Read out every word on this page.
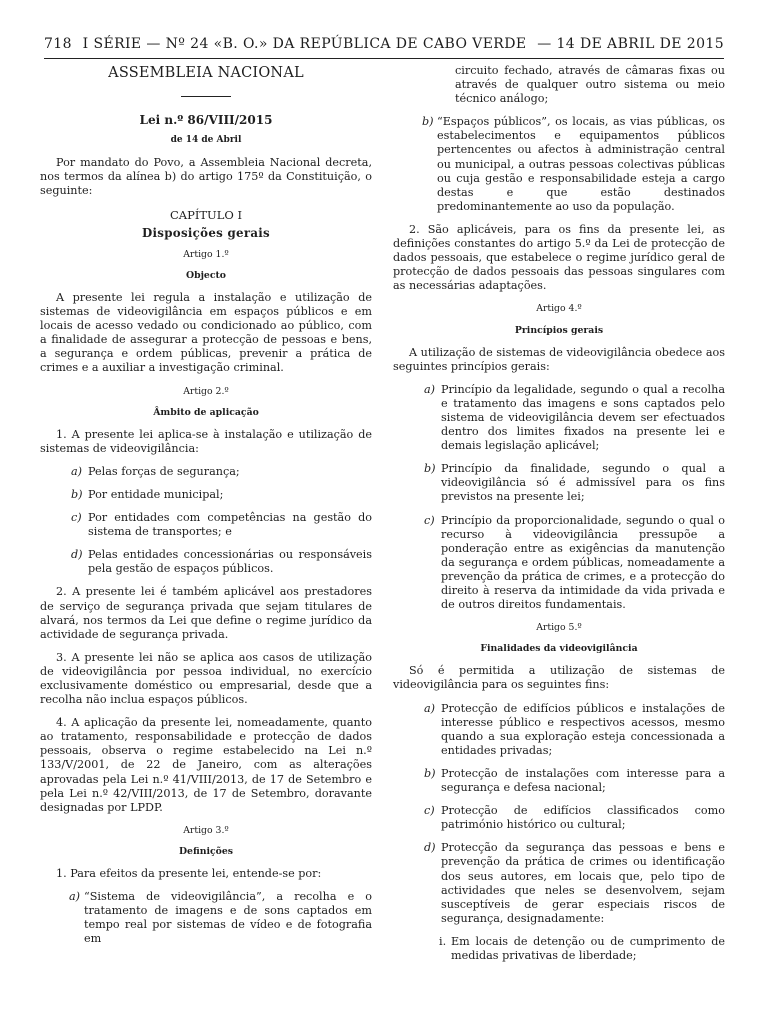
718 I SÉRIE — Nº 24 «B. O.» DA REPÚBLICA DE CABO VERDE — 14 DE ABRIL DE 2015
ASSEMBLEIA NACIONAL
Lei n.º 86/VIII/2015
de 14 de Abril
Por mandato do Povo, a Assembleia Nacional decreta, nos termos da alínea b) do artigo 175º da Constituição, o seguinte:
CAPÍTULO I
Disposições gerais
Artigo 1.º
Objecto
A presente lei regula a instalação e utilização de sistemas de videovigilância em espaços públicos e em locais de acesso vedado ou condicionado ao público, com a finalidade de assegurar a protecção de pessoas e bens, a segurança e ordem públicas, prevenir a prática de crimes e a auxiliar a investigação criminal.
Artigo 2.º
Âmbito de aplicação
1. A presente lei aplica-se à instalação e utilização de sistemas de videovigilância:
a) Pelas forças de segurança;
b) Por entidade municipal;
c) Por entidades com competências na gestão do sistema de transportes; e
d) Pelas entidades concessionárias ou responsáveis pela gestão de espaços públicos.
2. A presente lei é também aplicável aos prestadores de serviço de segurança privada que sejam titulares de alvará, nos termos da Lei que define o regime jurídico da actividade de segurança privada.
3. A presente lei não se aplica aos casos de utilização de videovigilância por pessoa individual, no exercício exclusivamente doméstico ou empresarial, desde que a recolha não inclua espaços públicos.
4. A aplicação da presente lei, nomeadamente, quanto ao tratamento, responsabilidade e protecção de dados pessoais, observa o regime estabelecido na Lei n.º 133/V/2001, de 22 de Janeiro, com as alterações aprovadas pela Lei n.º 41/VIII/2013, de 17 de Setembro e pela Lei n.º 42/VIII/2013, de 17 de Setembro, doravante designadas por LPDP.
Artigo 3.º
Definições
1. Para efeitos da presente lei, entende-se por:
a) “Sistema de videovigilância”, a recolha e o tratamento de imagens e de sons captados em tempo real por sistemas de vídeo e de fotografia em
circuito fechado, através de câmaras fixas ou através de qualquer outro sistema ou meio técnico análogo;
b) “Espaços públicos”, os locais, as vias públicas, os estabelecimentos e equipamentos públicos pertencentes ou afectos à administração central ou municipal, a outras pessoas colectivas públicas ou cuja gestão e responsabilidade esteja a cargo destas e que estão destinados predominantemente ao uso da população.
2. São aplicáveis, para os fins da presente lei, as definições constantes do artigo 5.º da Lei de protecção de dados pessoais, que estabelece o regime jurídico geral de protecção de dados pessoais das pessoas singulares com as necessárias adaptações.
Artigo 4.º
Princípios gerais
A utilização de sistemas de videovigilância obedece aos seguintes princípios gerais:
a) Princípio da legalidade, segundo o qual a recolha e tratamento das imagens e sons captados pelo sistema de videovigilância devem ser efectuados dentro dos limites fixados na presente lei e demais legislação aplicável;
b) Princípio da finalidade, segundo o qual a videovigilância só é admissível para os fins previstos na presente lei;
c) Princípio da proporcionalidade, segundo o qual o recurso à videovigilância pressupõe a ponderação entre as exigências da manutenção da segurança e ordem públicas, nomeadamente a prevenção da prática de crimes, e a protecção do direito à reserva da intimidade da vida privada e de outros direitos fundamentais.
Artigo 5.º
Finalidades da videovigilância
Só é permitida a utilização de sistemas de videovigilância para os seguintes fins:
a) Protecção de edifícios públicos e instalações de interesse público e respectivos acessos, mesmo quando a sua exploração esteja concessionada a entidades privadas;
b) Protecção de instalações com interesse para a segurança e defesa nacional;
c) Protecção de edifícios classificados como património histórico ou cultural;
d) Protecção da segurança das pessoas e bens e prevenção da prática de crimes ou identificação dos seus autores, em locais que, pelo tipo de actividades que neles se desenvolvem, sejam susceptíveis de gerar especiais riscos de segurança, designadamente:
i. Em locais de detenção ou de cumprimento de medidas privativas de liberdade;
